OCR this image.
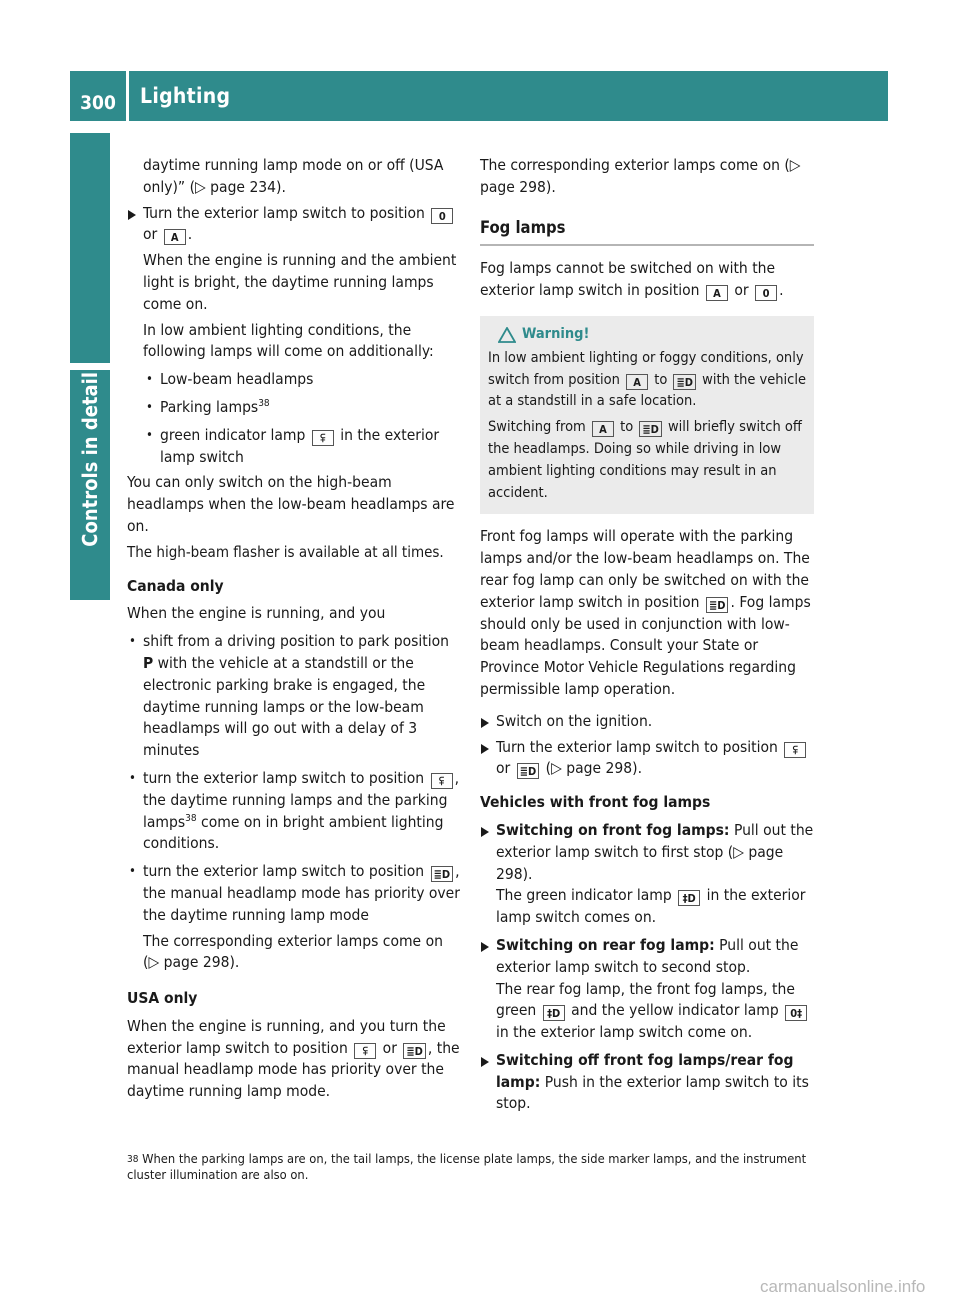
300	Lighting
Controls in detail

daytime running lamp mode on or off (USA only)” (▷ page 234).

Turn the exterior lamp switch to position 0 or A .

When the engine is running and the ambient light is bright, the daytime running lamps come on.

In low ambient lighting conditions, the following lamps will come on additionally:

• Low-beam headlamps
• Parking lamps$^{38}$
• green indicator lamp ⪿ in the exterior lamp switch

You can only switch on the high-beam headlamps when the low-beam headlamps are on.

The high-beam flasher is available at all times.

Canada only

When the engine is running, and you

• shift from a driving position to park position P with the vehicle at a standstill or the electronic parking brake is engaged, the daytime running lamps or the low-beam headlamps will go out with a delay of 3 minutes
• turn the exterior lamp switch to position ⪿ , the daytime running lamps and the parking lamps$^{38}$ come on in bright ambient lighting conditions.
• turn the exterior lamp switch to position ≣D , the manual headlamp mode has priority over the daytime running lamp mode

The corresponding exterior lamps come on (▷ page 298).

USA only

When the engine is running, and you turn the exterior lamp switch to position ⪿ or ≣D , the manual headlamp mode has priority over the daytime running lamp mode.

The corresponding exterior lamps come on (▷ page 298).

Fog lamps

Fog lamps cannot be switched on with the exterior lamp switch in position A or 0 .

Warning!

In low ambient lighting or foggy conditions, only switch from position A to ≣D with the vehicle at a standstill in a safe location.

Switching from A to ≣D will briefly switch off the headlamps. Doing so while driving in low ambient lighting conditions may result in an accident.

Front fog lamps will operate with the parking lamps and/or the low-beam headlamps on. The rear fog lamp can only be switched on with the exterior lamp switch in position ≣D . Fog lamps should only be used in conjunction with low-beam headlamps. Consult your State or Province Motor Vehicle Regulations regarding permissible lamp operation.

Switch on the ignition.
Turn the exterior lamp switch to position ⪿ or ≣D (▷ page 298).

Vehicles with front fog lamps

Switching on front fog lamps: Pull out the exterior lamp switch to first stop (▷ page 298).
The green indicator lamp ‡D in the exterior lamp switch comes on.
Switching on rear fog lamp: Pull out the exterior lamp switch to second stop.
The rear fog lamp, the front fog lamps, the green ‡D and the yellow indicator lamp 0‡ in the exterior lamp switch come on.
Switching off front fog lamps/rear fog lamp: Push in the exterior lamp switch to its stop.
$^{38}$ When the parking lamps are on, the tail lamps, the license plate lamps, the side marker lamps, and the instrument cluster illumination are also on.
carmanualsonline.info
